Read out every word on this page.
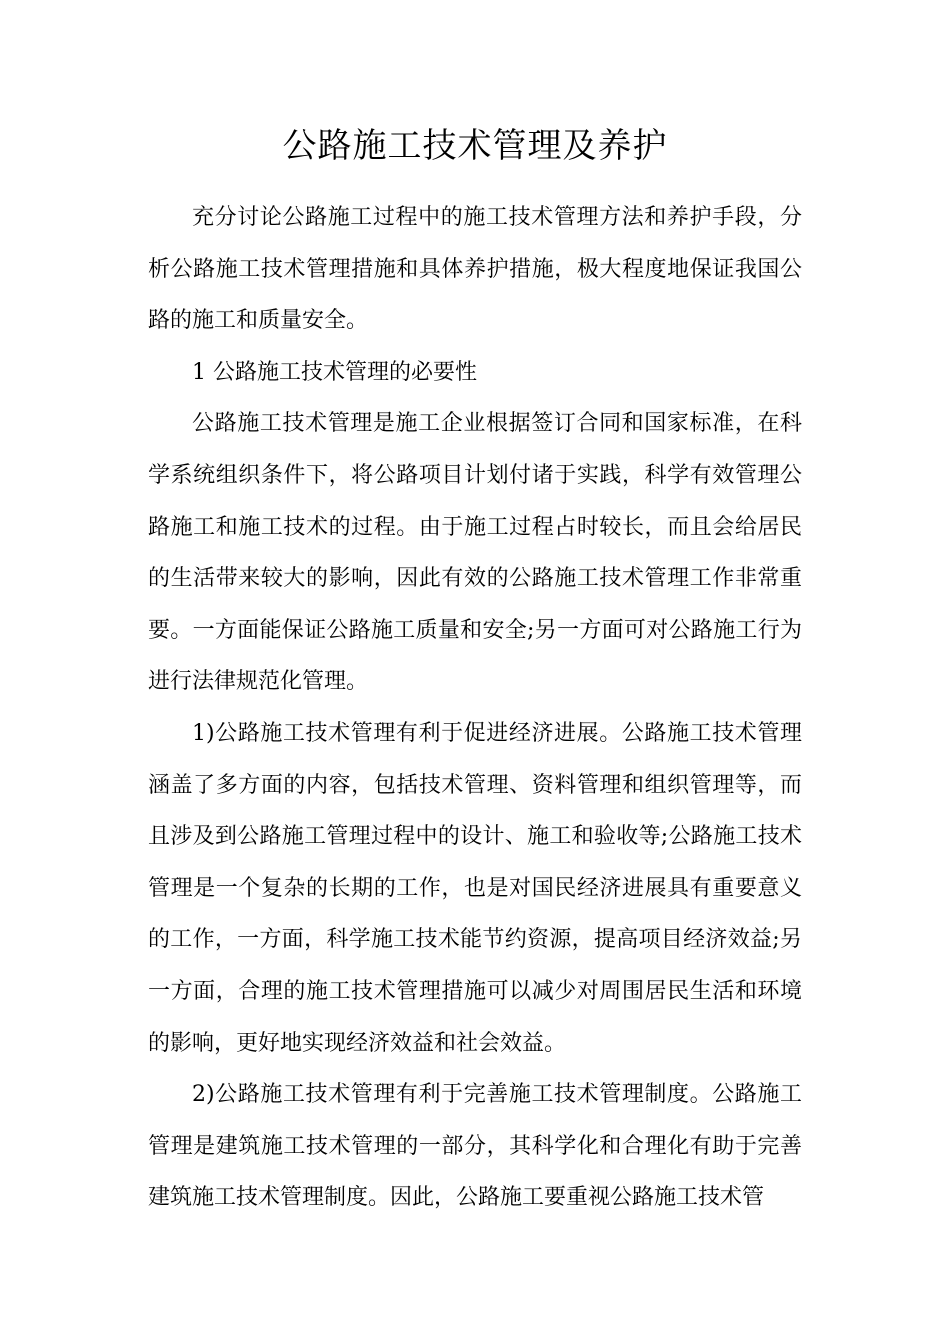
公路施工技术管理及养护

充分讨论公路施工过程中的施工技术管理方法和养护手段，分析公路施工技术管理措施和具体养护措施，极大程度地保证我国公路的施工和质量安全。

1 公路施工技术管理的必要性

公路施工技术管理是施工企业根据签订合同和国家标准，在科学系统组织条件下，将公路项目计划付诸于实践，科学有效管理公路施工和施工技术的过程。由于施工过程占时较长，而且会给居民的生活带来较大的影响，因此有效的公路施工技术管理工作非常重要。一方面能保证公路施工质量和安全;另一方面可对公路施工行为进行法律规范化管理。

1)公路施工技术管理有利于促进经济进展。公路施工技术管理涵盖了多方面的内容，包括技术管理、资料管理和组织管理等，而且涉及到公路施工管理过程中的设计、施工和验收等;公路施工技术管理是一个复杂的长期的工作，也是对国民经济进展具有重要意义的工作，一方面，科学施工技术能节约资源，提高项目经济效益;另一方面，合理的施工技术管理措施可以减少对周围居民生活和环境的影响，更好地实现经济效益和社会效益。

2)公路施工技术管理有利于完善施工技术管理制度。公路施工管理是建筑施工技术管理的一部分，其科学化和合理化有助于完善建筑施工技术管理制度。因此，公路施工要重视公路施工技术管
